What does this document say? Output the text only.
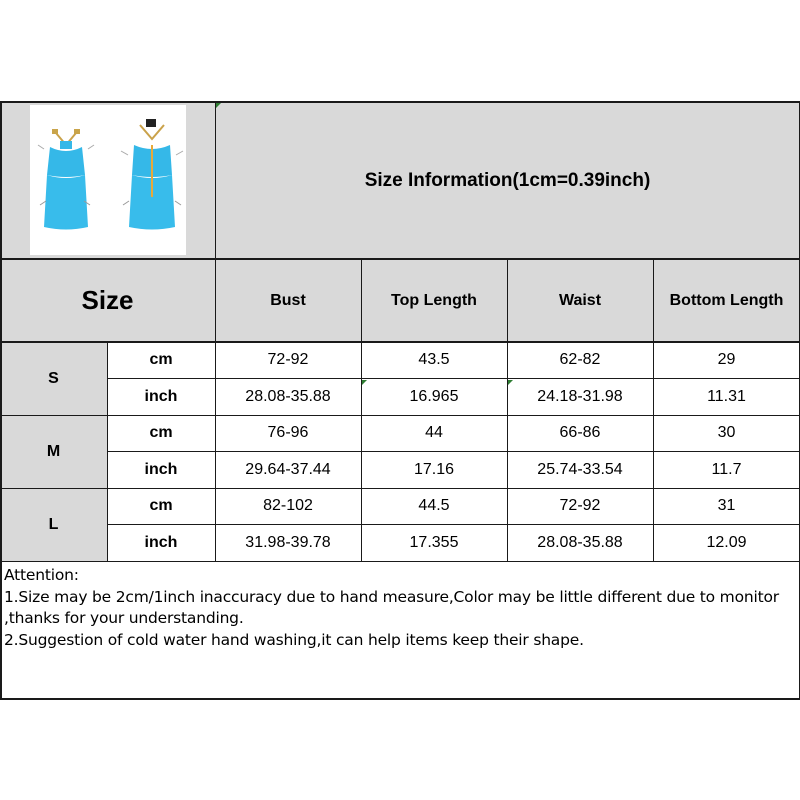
Size Information(1cm=0.39inch)
Size	Bust	Top Length	Waist	Bottom Length
S
cm	72-92	43.5	62-82	29
inch	28.08-35.88	16.965	24.18-31.98	11.31
M
cm	76-96	44	66-86	30
inch	29.64-37.44	17.16	25.74-33.54	11.7
L
cm	82-102	44.5	72-92	31
inch	31.98-39.78	17.355	28.08-35.88	12.09
Attention:
1.Size may be 2cm/1inch inaccuracy due to hand measure,Color may be little different due to monitor
,thanks for your understanding.
2.Suggestion of cold water hand washing,it can help items keep their shape.
